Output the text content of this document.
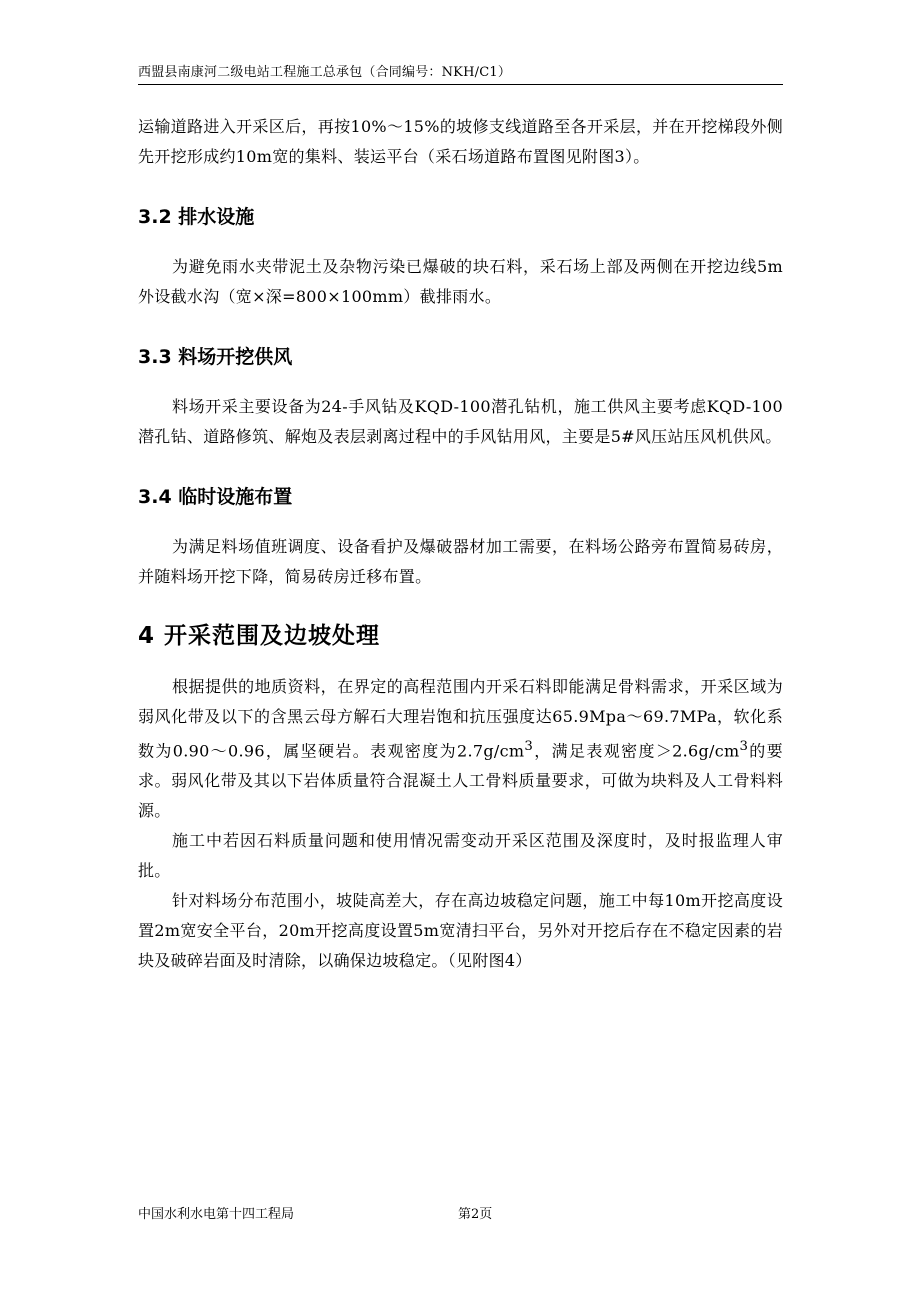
西盟县南康河二级电站工程施工总承包（合同编号：NKH/C1）

运输道路进入开采区后，再按10%～15%的坡修支线道路至各开采层，并在开挖梯段外侧先开挖形成约10m宽的集料、装运平台（采石场道路布置图见附图3）。

3.2 排水设施

为避免雨水夹带泥土及杂物污染已爆破的块石料，采石场上部及两侧在开挖边线5m外设截水沟（宽×深=800×100mm）截排雨水。

3.3 料场开挖供风

料场开采主要设备为24-手风钻及KQD-100潜孔钻机，施工供风主要考虑KQD-100潜孔钻、道路修筑、解炮及表层剥离过程中的手风钻用风，主要是5#风压站压风机供风。

3.4 临时设施布置

为满足料场值班调度、设备看护及爆破器材加工需要，在料场公路旁布置简易砖房，并随料场开挖下降，简易砖房迁移布置。

4 开采范围及边坡处理

根据提供的地质资料，在界定的高程范围内开采石料即能满足骨料需求，开采区域为弱风化带及以下的含黑云母方解石大理岩饱和抗压强度达65.9Mpa～69.7MPa，软化系数为0.90～0.96，属坚硬岩。表观密度为$2.7g/cm^3$，满足表观密度$>2.6g/cm^3$的要求。弱风化带及其以下岩体质量符合混凝土人工骨料质量要求，可做为块料及人工骨料料源。

施工中若因石料质量问题和使用情况需变动开采区范围及深度时，及时报监理人审批。

针对料场分布范围小，坡陡高差大，存在高边坡稳定问题，施工中每10m开挖高度设置2m宽安全平台，20m开挖高度设置5m宽清扫平台，另外对开挖后存在不稳定因素的岩块及破碎岩面及时清除，以确保边坡稳定。（见附图4）

中国水利水电第十四工程局	第2页
